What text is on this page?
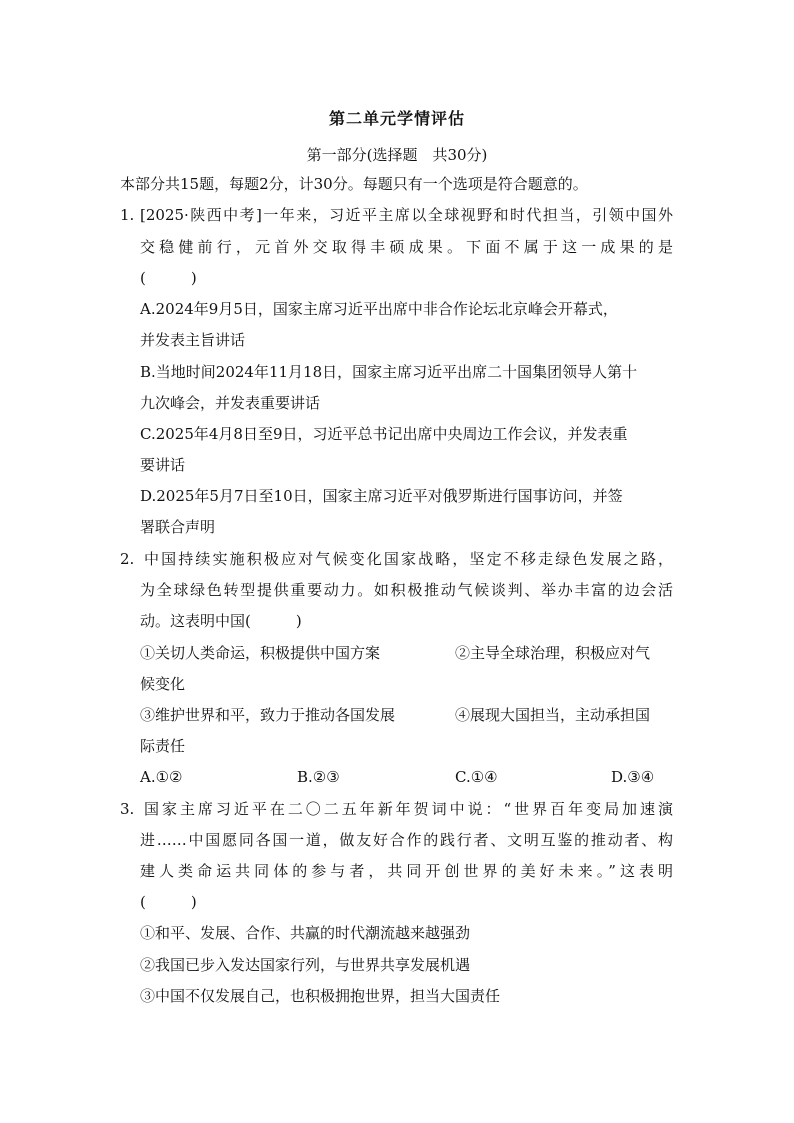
第二单元学情评估
第一部分(选择题　共30分)
本部分共15题，每题2分，计30分。每题只有一个选项是符合题意的。
1. [2025·陕西中考]一年来，习近平主席以全球视野和时代担当，引领中国外
交稳健前行，元首外交取得丰硕成果。下面不属于这一成果的是
(　　　)
A.2024年9月5日，国家主席习近平出席中非合作论坛北京峰会开幕式，
并发表主旨讲话
B.当地时间2024年11月18日，国家主席习近平出席二十国集团领导人第十
九次峰会，并发表重要讲话
C.2025年4月8日至9日，习近平总书记出席中央周边工作会议，并发表重
要讲话
D.2025年5月7日至10日，国家主席习近平对俄罗斯进行国事访问，并签
署联合声明
2. 中国持续实施积极应对气候变化国家战略，坚定不移走绿色发展之路，
为全球绿色转型提供重要动力。如积极推动气候谈判、举办丰富的边会活
动。这表明中国(　　　)
①关切人类命运，积极提供中国方案	②主导全球治理，积极应对气
候变化
③维护世界和平，致力于推动各国发展	④展现大国担当，主动承担国
际责任
A.①②	B.②③	C.①④	D.③④
3. 国家主席习近平在二〇二五年新年贺词中说：“世界百年变局加速演
进……中国愿同各国一道，做友好合作的践行者、文明互鉴的推动者、构
建人类命运共同体的参与者，共同开创世界的美好未来。”这表明
(　　　)
①和平、发展、合作、共赢的时代潮流越来越强劲
②我国已步入发达国家行列，与世界共享发展机遇
③中国不仅发展自己，也积极拥抱世界，担当大国责任
